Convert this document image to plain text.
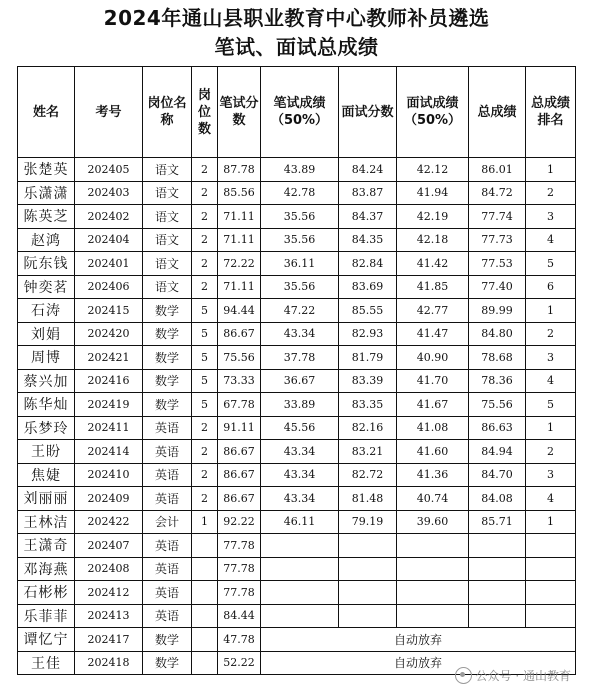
2024年通山县职业教育中心教师补员遴选
笔试、面试总成绩
姓名	考号	岗位名称	岗位数	笔试分数	笔试成绩（50%）	面试分数	面试成绩（50%）	总成绩	总成绩排名
张楚英	202405	语文	2	87.78	43.89	84.24	42.12	86.01	1
乐潇潇	202403	语文	2	85.56	42.78	83.87	41.94	84.72	2
陈英芝	202402	语文	2	71.11	35.56	84.37	42.19	77.74	3
赵鸿	202404	语文	2	71.11	35.56	84.35	42.18	77.73	4
阮东钱	202401	语文	2	72.22	36.11	82.84	41.42	77.53	5
钟奕茗	202406	语文	2	71.11	35.56	83.69	41.85	77.40	6
石涛	202415	数学	5	94.44	47.22	85.55	42.77	89.99	1
刘娟	202420	数学	5	86.67	43.34	82.93	41.47	84.80	2
周博	202421	数学	5	75.56	37.78	81.79	40.90	78.68	3
蔡兴加	202416	数学	5	73.33	36.67	83.39	41.70	78.36	4
陈华灿	202419	数学	5	67.78	33.89	83.35	41.67	75.56	5
乐梦玲	202411	英语	2	91.11	45.56	82.16	41.08	86.63	1
王盼	202414	英语	2	86.67	43.34	83.21	41.60	84.94	2
焦婕	202410	英语	2	86.67	43.34	82.72	41.36	84.70	3
刘丽丽	202409	英语	2	86.67	43.34	81.48	40.74	84.08	4
王林洁	202422	会计	1	92.22	46.11	79.19	39.60	85.71	1
王潇奇	202407	英语		77.78					
邓海燕	202408	英语		77.78					
石彬彬	202412	英语		77.78					
乐菲菲	202413	英语		84.44					
谭忆宁	202417	数学		47.78	自动放弃				
王佳	202418	数学		52.22	自动放弃				
公众号 · 通山教育
